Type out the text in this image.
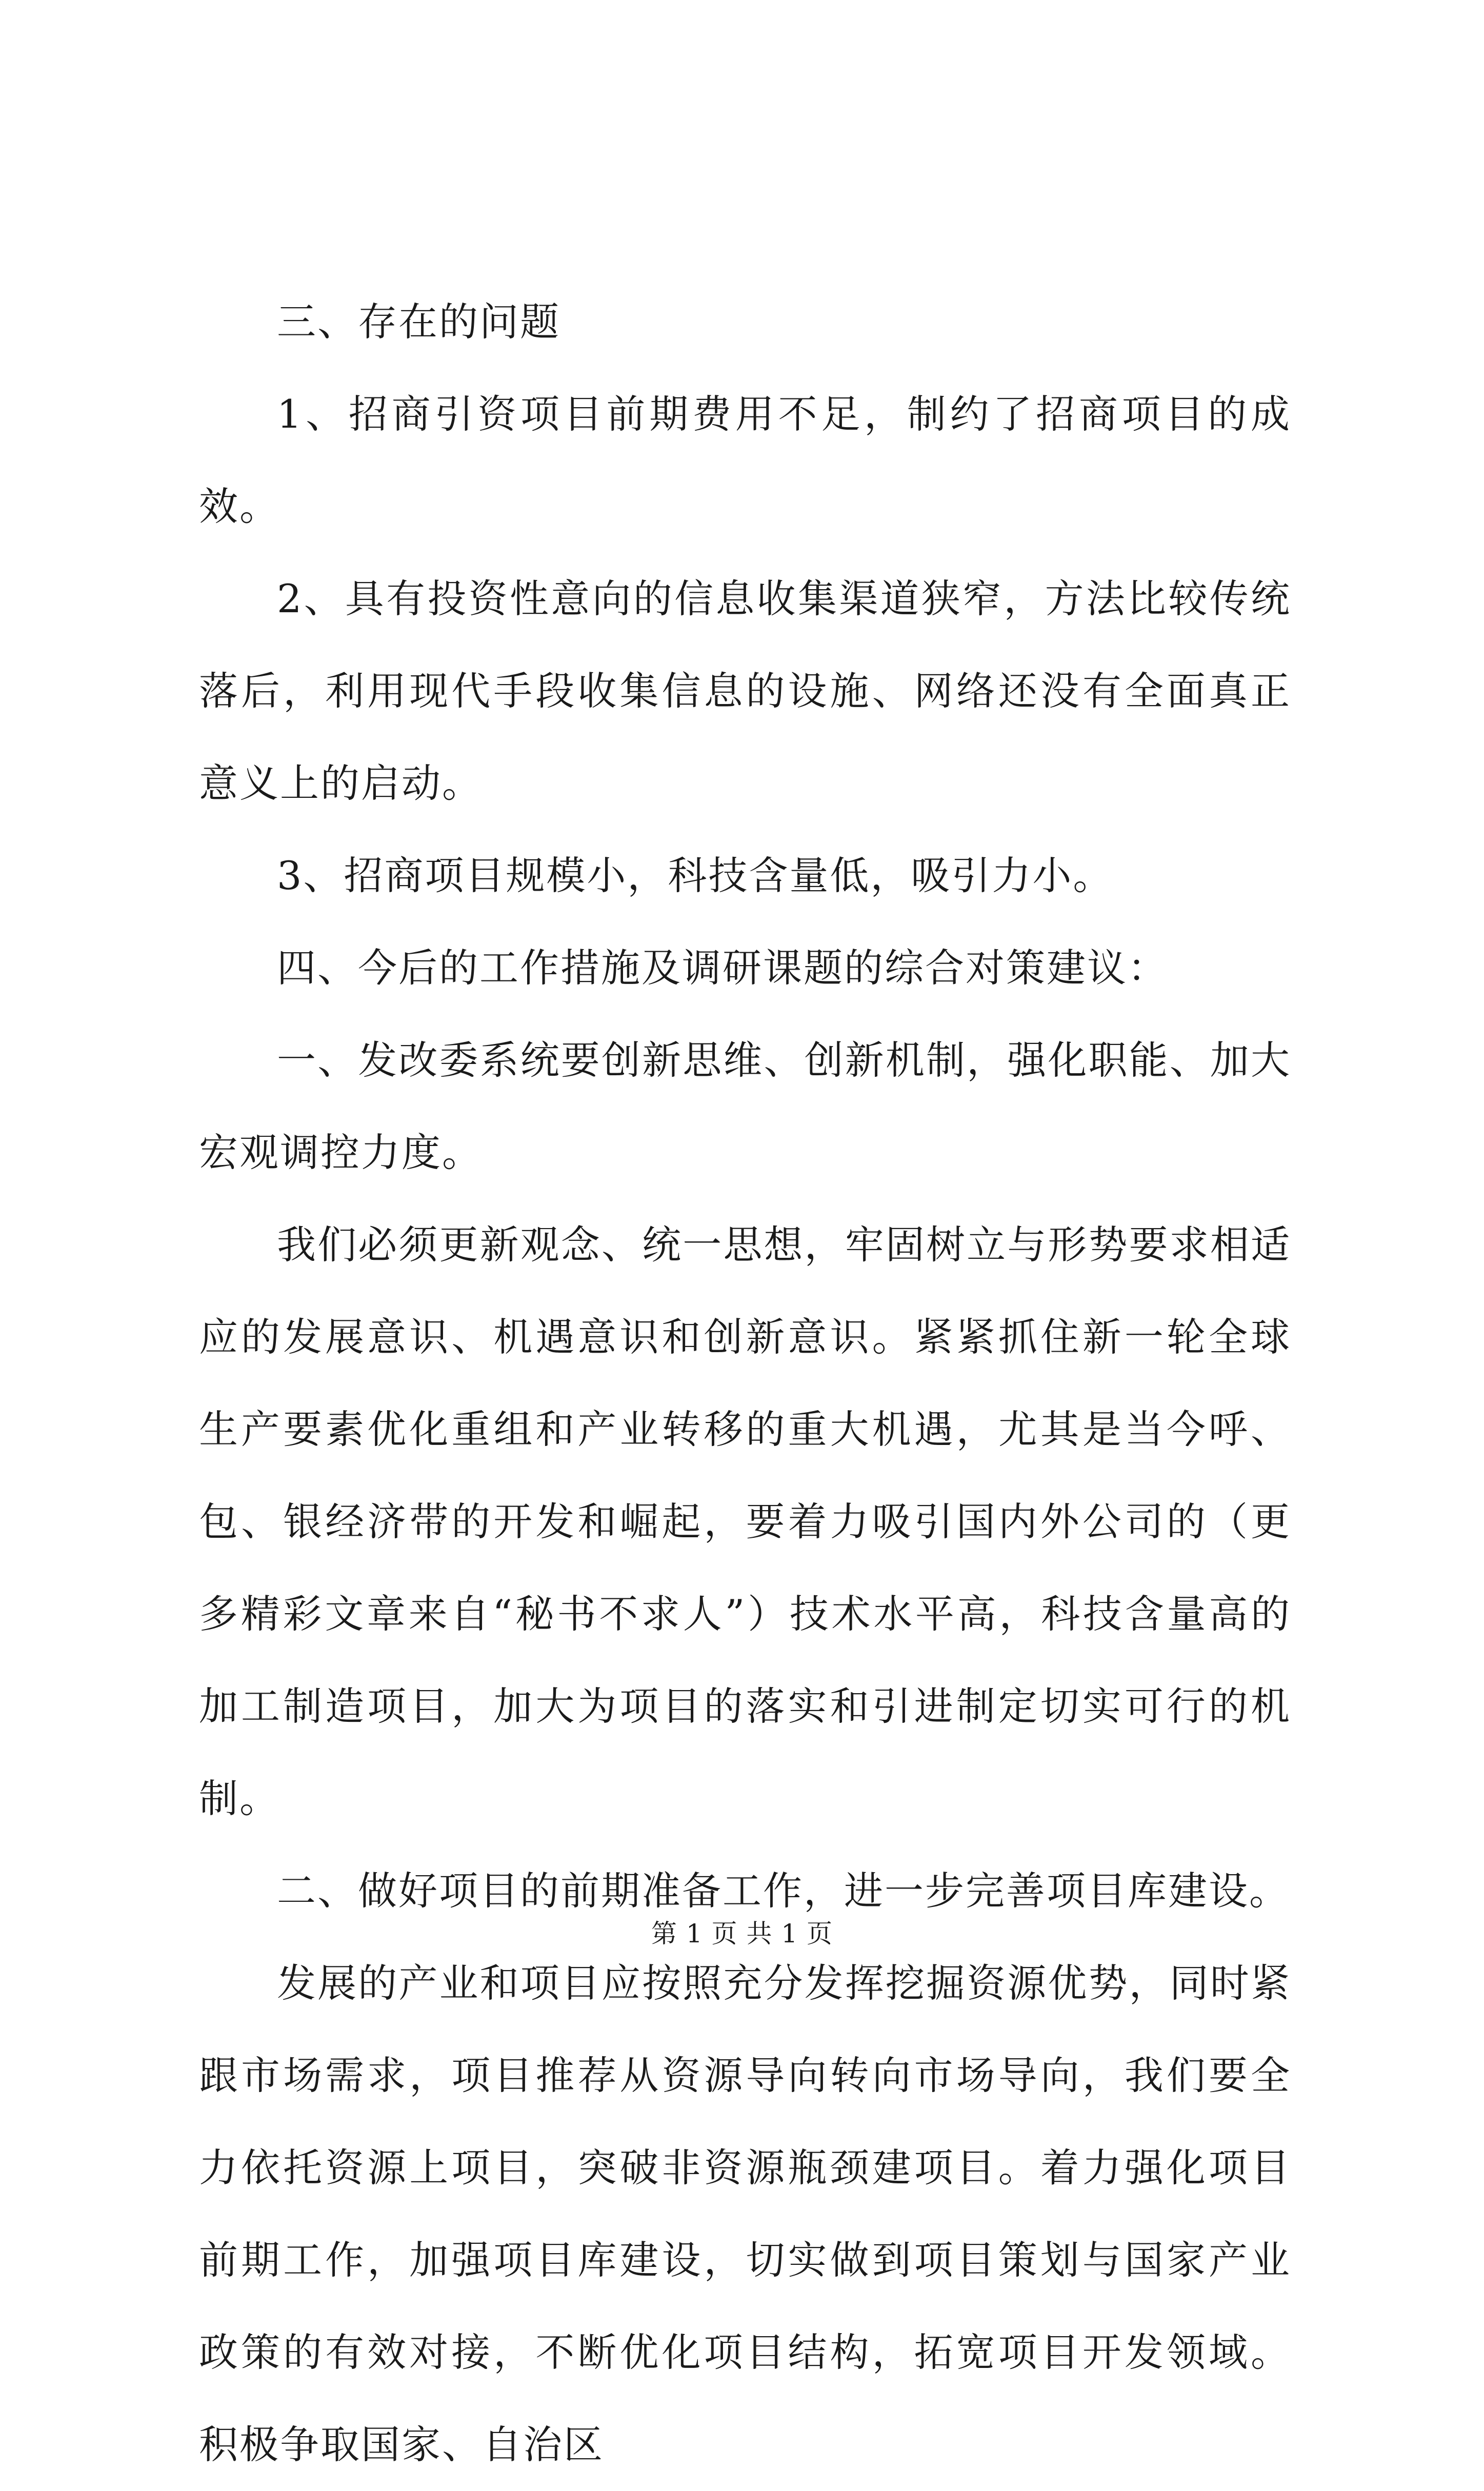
三、存在的问题

1、招商引资项目前期费用不足，制约了招商项目的成效。

2、具有投资性意向的信息收集渠道狭窄，方法比较传统落后，利用现代手段收集信息的设施、网络还没有全面真正意义上的启动。

3、招商项目规模小，科技含量低，吸引力小。

四、今后的工作措施及调研课题的综合对策建议：

一、发改委系统要创新思维、创新机制，强化职能、加大宏观调控力度。

我们必须更新观念、统一思想，牢固树立与形势要求相适应的发展意识、机遇意识和创新意识。紧紧抓住新一轮全球生产要素优化重组和产业转移的重大机遇，尤其是当今呼、包、银经济带的开发和崛起，要着力吸引国内外公司的（更多精彩文章来自“秘书不求人”）技术水平高，科技含量高的加工制造项目，加大为项目的落实和引进制定切实可行的机制。

二、做好项目的前期准备工作，进一步完善项目库建设。

发展的产业和项目应按照充分发挥挖掘资源优势，同时紧跟市场需求，项目推荐从资源导向转向市场导向，我们要全力依托资源上项目，突破非资源瓶颈建项目。着力强化项目前期工作，加强项目库建设，切实做到项目策划与国家产业政策的有效对接，不断优化项目结构，拓宽项目开发领域。积极争取国家、自治区

第 1 页 共 1 页
